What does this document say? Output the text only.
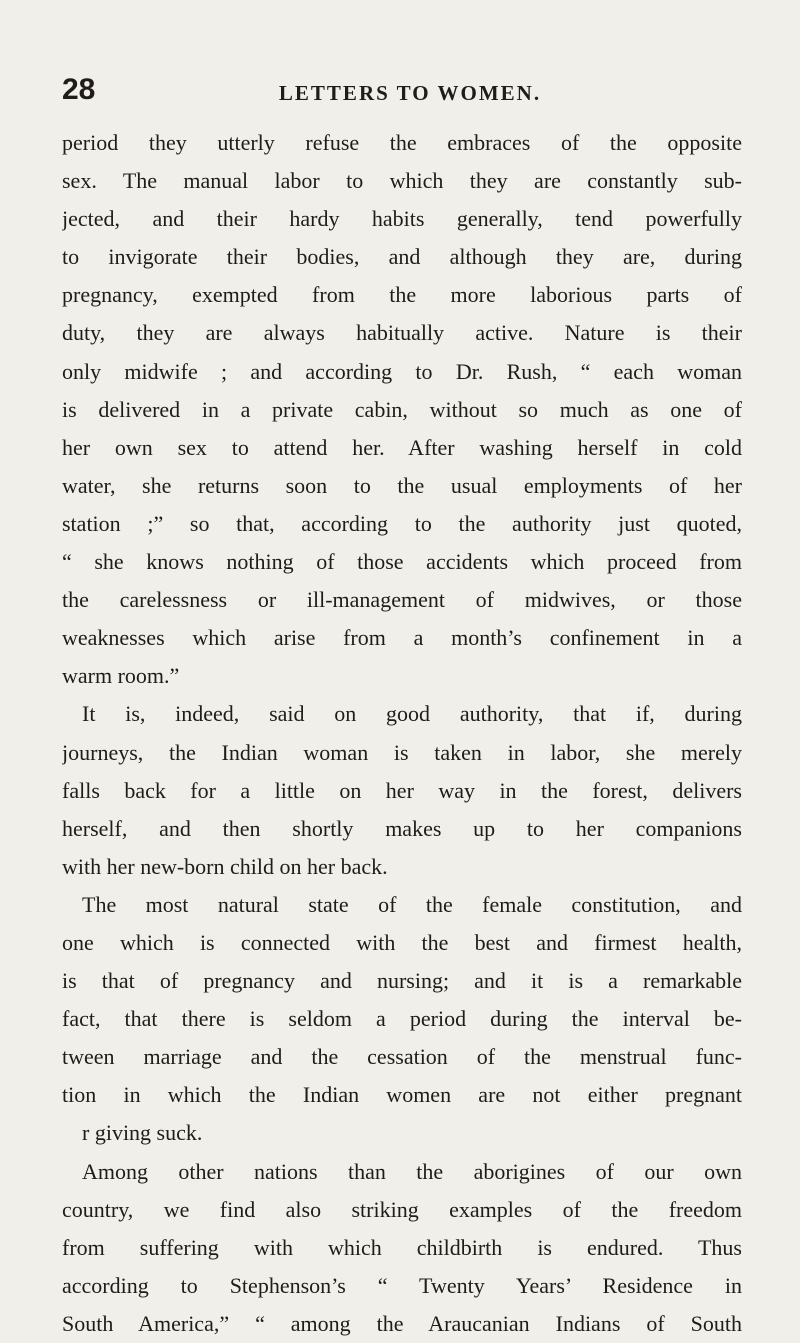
28	LETTERS TO WOMEN.
period they utterly refuse the embraces of the opposite
sex. The manual labor to which they are constantly sub-
jected, and their hardy habits generally, tend powerfully
to invigorate their bodies, and although they are, during
pregnancy, exempted from the more laborious parts of
duty, they are always habitually active. Nature is their
only midwife ; and according to Dr. Rush, “ each woman
is delivered in a private cabin, without so much as one of
her own sex to attend her. After washing herself in cold
water, she returns soon to the usual employments of her
station ;” so that, according to the authority just quoted,
“ she knows nothing of those accidents which proceed from
the carelessness or ill-management of midwives, or those
weaknesses which arise from a month’s confinement in a
warm room.”
It is, indeed, said on good authority, that if, during
journeys, the Indian woman is taken in labor, she merely
falls back for a little on her way in the forest, delivers
herself, and then shortly makes up to her companions
with her new-born child on her back.
The most natural state of the female constitution, and
one which is connected with the best and firmest health,
is that of pregnancy and nursing; and it is a remarkable
fact, that there is seldom a period during the interval be-
tween marriage and the cessation of the menstrual func-
tion in which the Indian women are not either pregnant
r giving suck.
Among other nations than the aborigines of our own
country, we find also striking examples of the freedom
from suffering with which childbirth is endured. Thus
according to Stephenson’s “ Twenty Years’ Residence in
South America,” “ among the Araucanian Indians of South
